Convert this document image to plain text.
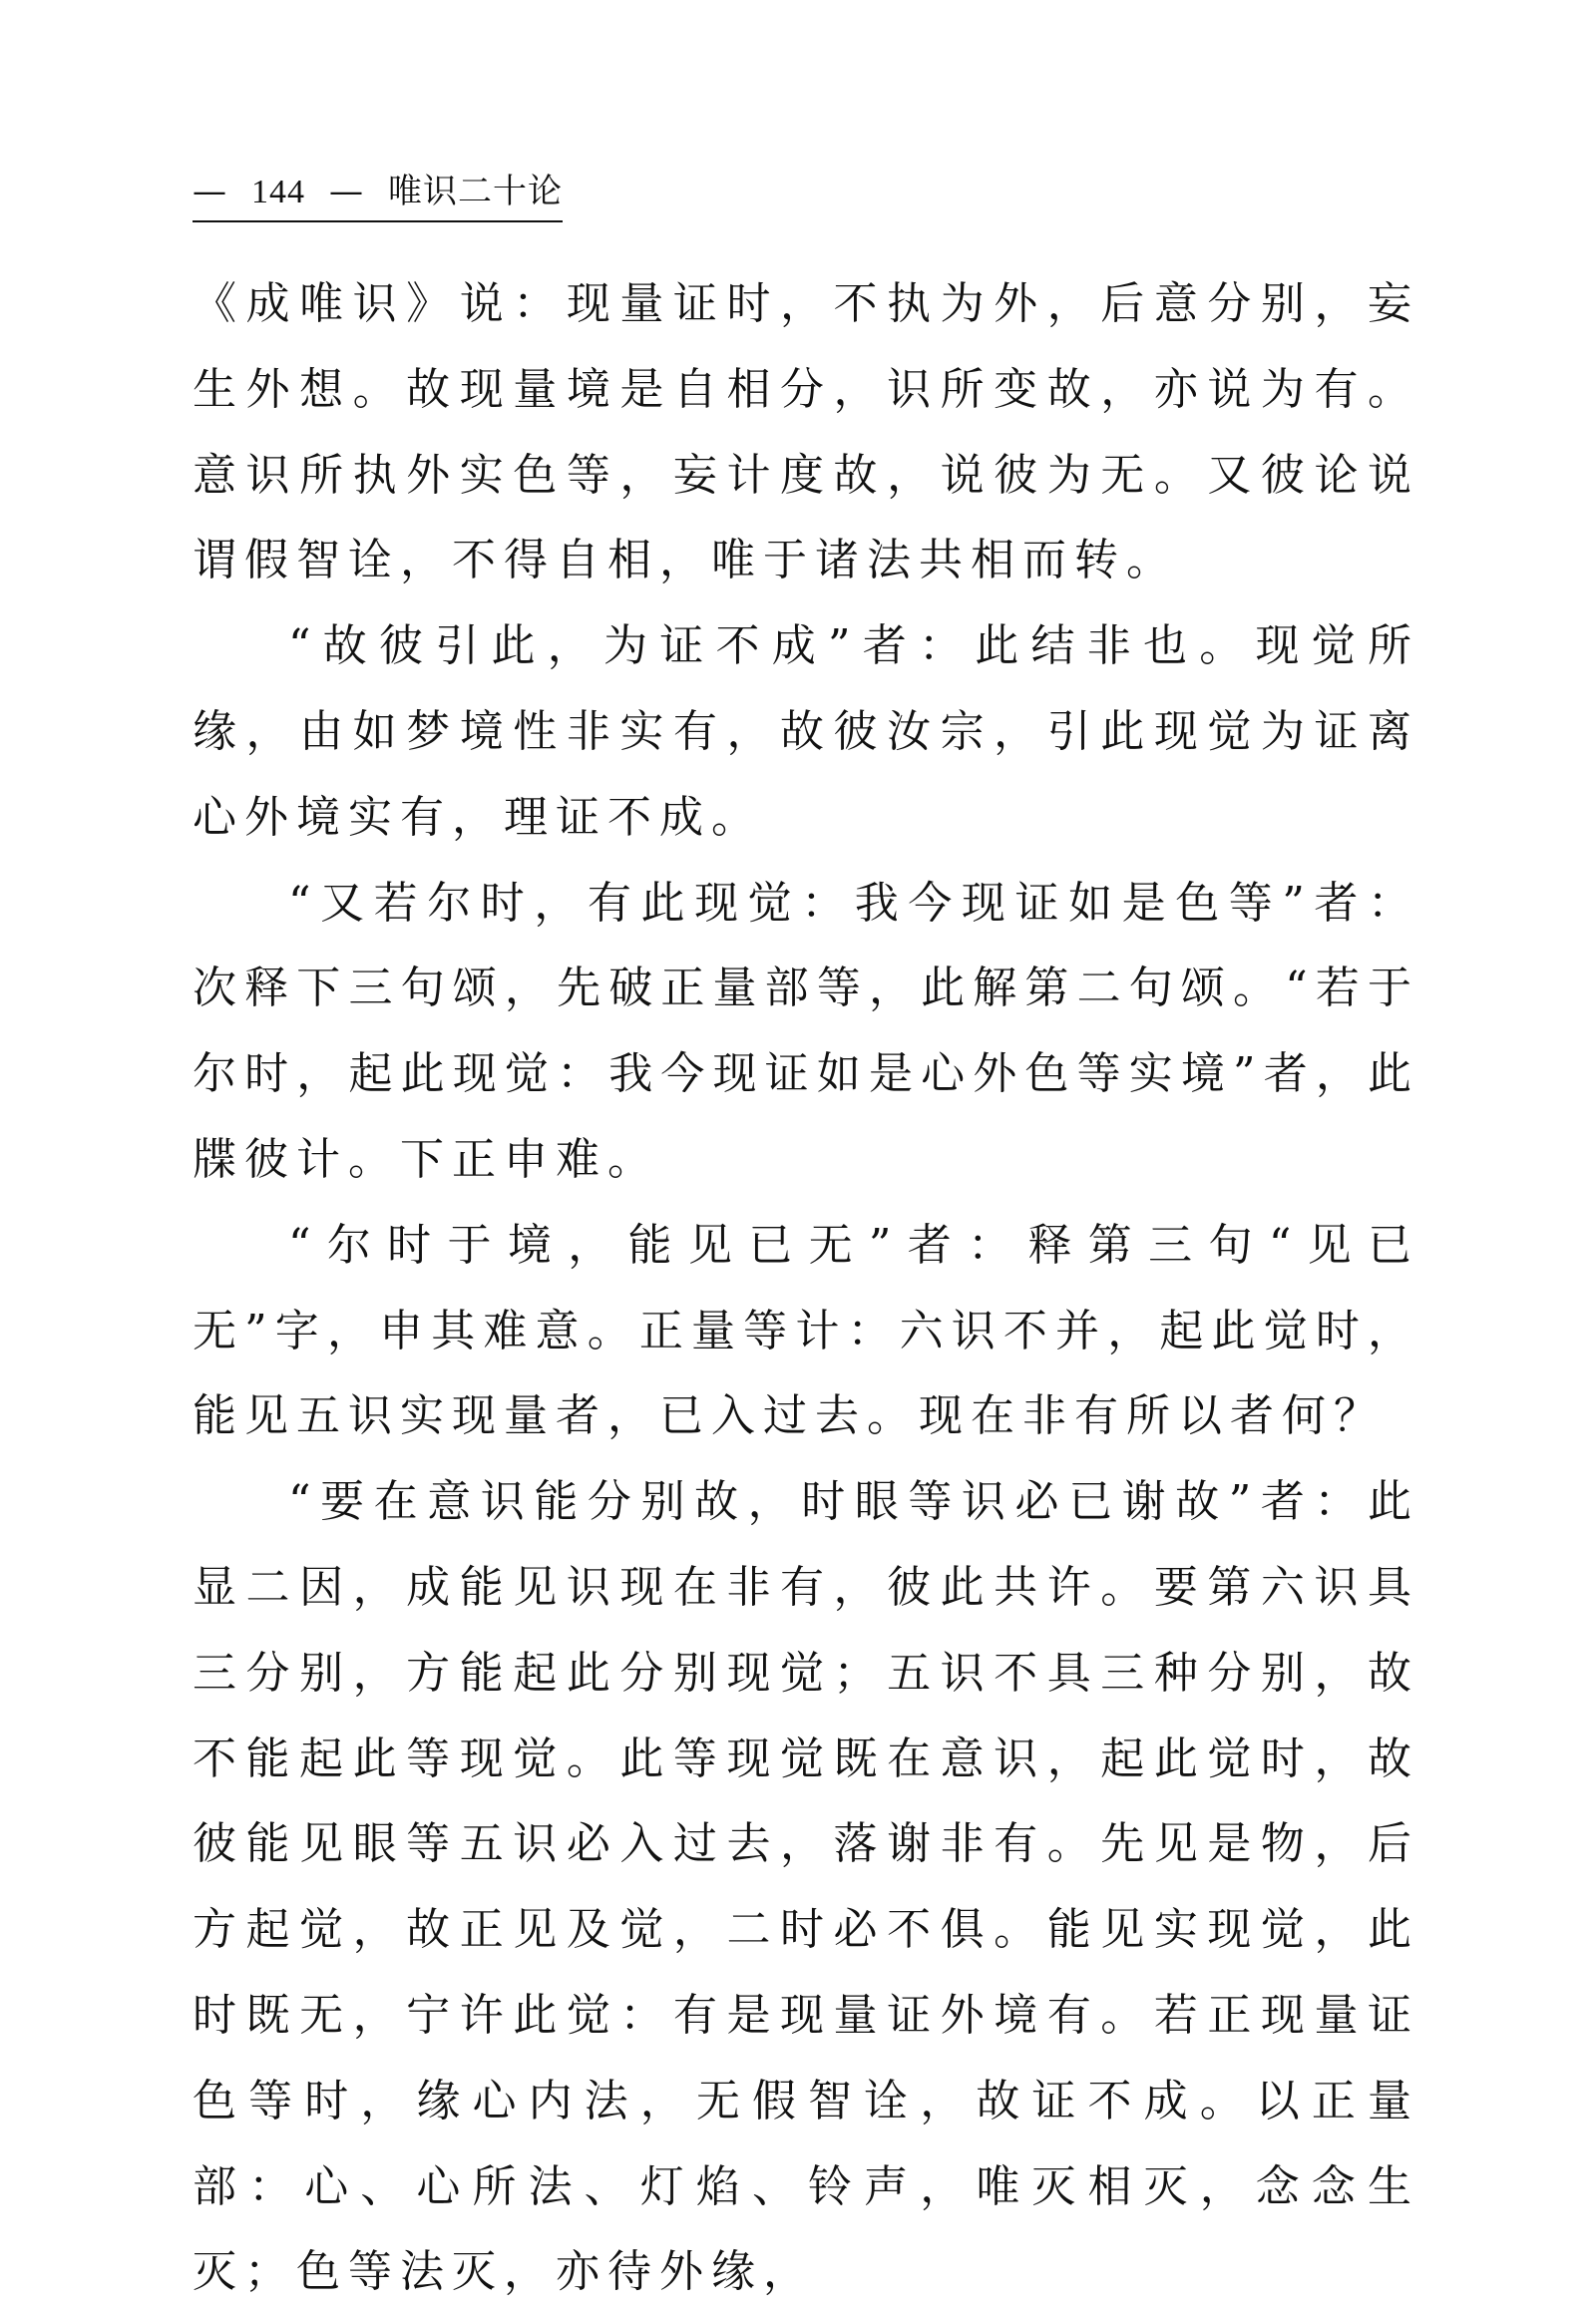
— 144 — 唯识二十论

《成唯识》说：现量证时，不执为外，后意分别，妄生外想。故现量境是自相分，识所变故，亦说为有。意识所执外实色等，妄计度故，说彼为无。又彼论说谓假智诠，不得自相，唯于诸法共相而转。

“故彼引此，为证不成”者：此结非也。现觉所缘，由如梦境性非实有，故彼汝宗，引此现觉为证离心外境实有，理证不成。

“又若尔时，有此现觉：我今现证如是色等”者：次释下三句颂，先破正量部等，此解第二句颂。“若于尔时，起此现觉：我今现证如是心外色等实境”者，此牒彼计。下正申难。

“尔时于境，能见已无”者：释第三句“见已无”字，申其难意。正量等计：六识不并，起此觉时，能见五识实现量者，已入过去。现在非有所以者何？

“要在意识能分别故，时眼等识必已谢故”者：此显二因，成能见识现在非有，彼此共许。要第六识具三分别，方能起此分别现觉；五识不具三种分别，故不能起此等现觉。此等现觉既在意识，起此觉时，故彼能见眼等五识必入过去，落谢非有。先见是物，后方起觉，故正见及觉，二时必不俱。能见实现觉，此时既无，宁许此觉：有是现量证外境有。若正现量证色等时，缘心内法，无假智诠，故证不成。以正量部：心、心所法、灯焰、铃声，唯灭相灭，念念生灭；色等法灭，亦待外缘，
